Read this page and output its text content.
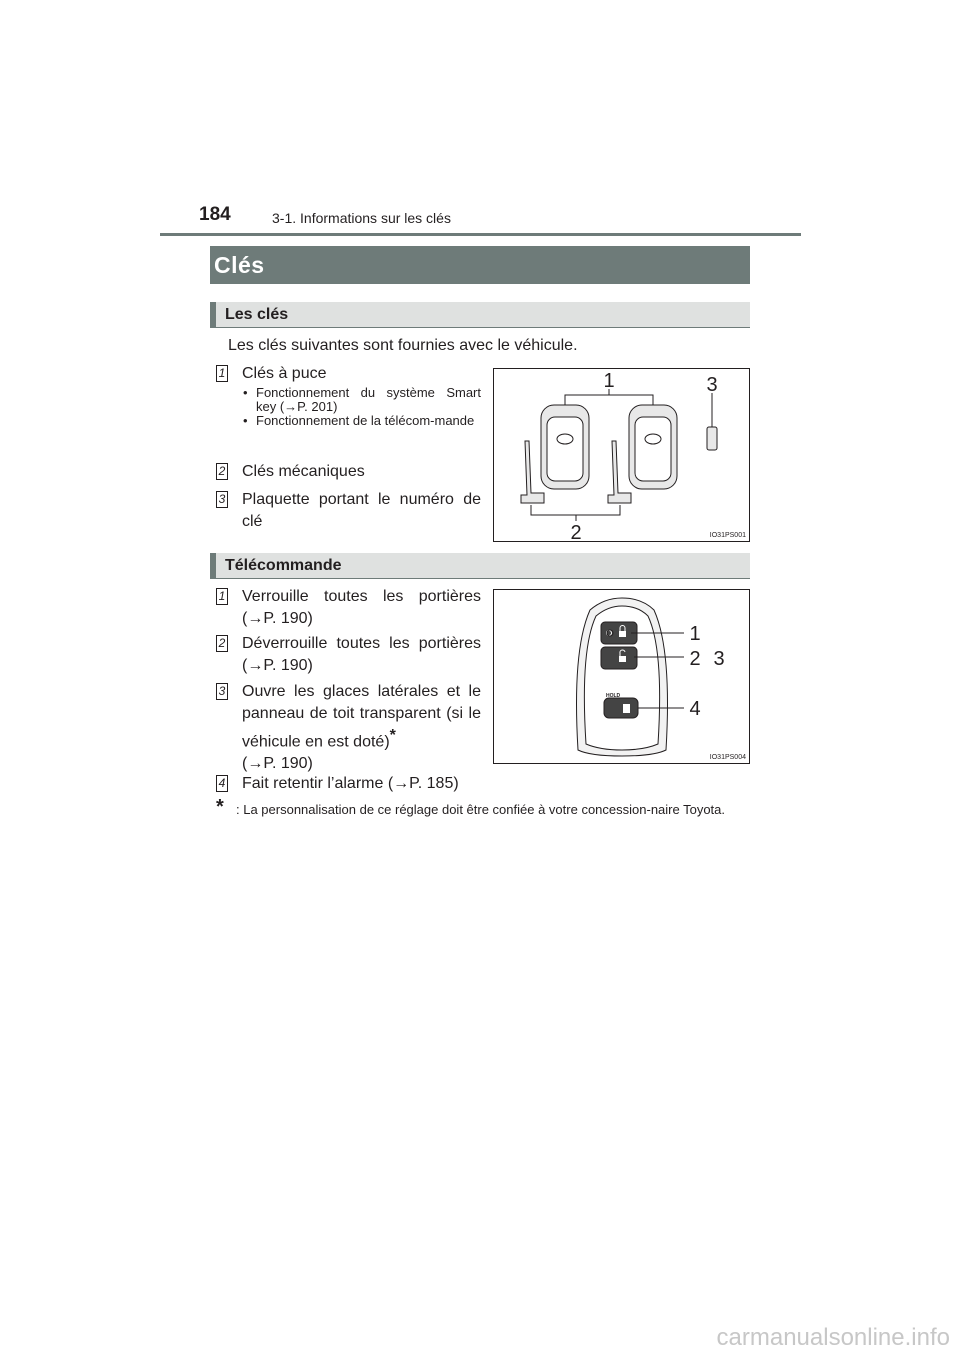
184	3-1. Informations sur les clés
Clés
Les clés
Les clés suivantes sont fournies avec le véhicule.
1 Clés à puce
• Fonctionnement du système Smart key (→P. 201)
• Fonctionnement de la télécom-mande
2 Clés mécaniques
3 Plaquette portant le numéro de clé
1	3
2	IO31PS001
Télécommande
1 Verrouille toutes les portières (→P. 190)
2 Déverrouille toutes les portières (→P. 190)
3 Ouvre les glaces latérales et le panneau de toit transparent (si le véhicule en est doté)*
(→P. 190)
4 Fait retentir l’alarme (→P. 185)
HOLD
1
2 3
4
IO31PS004
* : La personnalisation de ce réglage doit être confiée à votre concession-naire Toyota.
carmanualsonline.info
